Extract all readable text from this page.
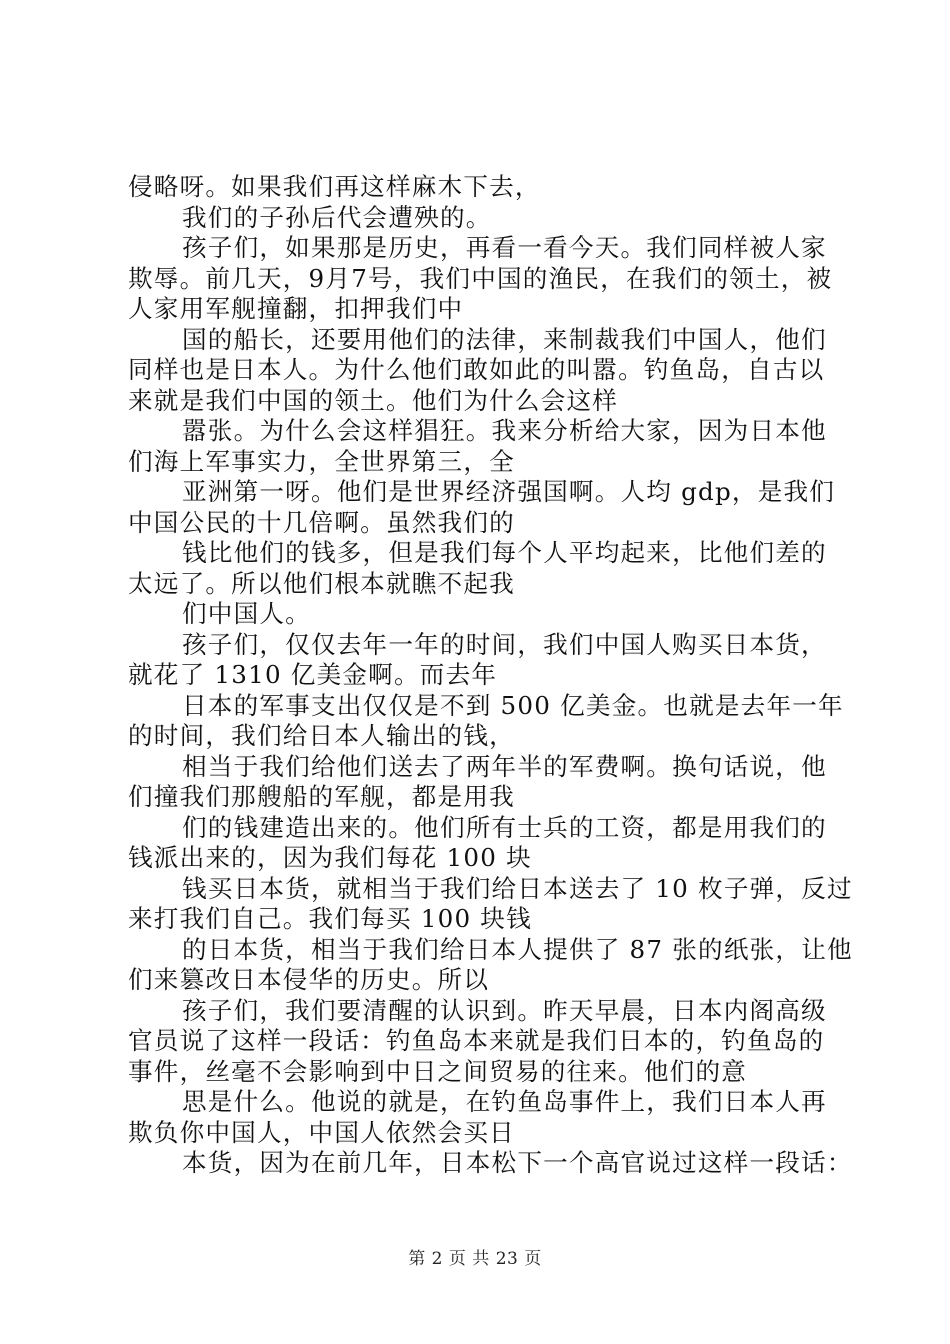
侵略呀。如果我们再这样麻木下去，
我们的子孙后代会遭殃的。
孩子们，如果那是历史，再看一看今天。我们同样被人家
欺辱。前几天，9月7号，我们中国的渔民，在我们的领土，被
人家用军舰撞翻，扣押我们中
国的船长，还要用他们的法律，来制裁我们中国人，他们
同样也是日本人。为什么他们敢如此的叫嚣。钓鱼岛，自古以
来就是我们中国的领土。他们为什么会这样
嚣张。为什么会这样猖狂。我来分析给大家，因为日本他
们海上军事实力，全世界第三，全
亚洲第一呀。他们是世界经济强国啊。人均 gdp，是我们
中国公民的十几倍啊。虽然我们的
钱比他们的钱多，但是我们每个人平均起来，比他们差的
太远了。所以他们根本就瞧不起我
们中国人。
孩子们，仅仅去年一年的时间，我们中国人购买日本货，
就花了 1310 亿美金啊。而去年
日本的军事支出仅仅是不到 500 亿美金。也就是去年一年
的时间，我们给日本人输出的钱，
相当于我们给他们送去了两年半的军费啊。换句话说，他
们撞我们那艘船的军舰，都是用我
们的钱建造出来的。他们所有士兵的工资，都是用我们的
钱派出来的，因为我们每花 100 块
钱买日本货，就相当于我们给日本送去了 10 枚子弹，反过
来打我们自己。我们每买 100 块钱
的日本货，相当于我们给日本人提供了 87 张的纸张，让他
们来篡改日本侵华的历史。所以
孩子们，我们要清醒的认识到。昨天早晨，日本内阁高级
官员说了这样一段话：钓鱼岛本来就是我们日本的，钓鱼岛的
事件，丝毫不会影响到中日之间贸易的往来。他们的意
思是什么。他说的就是，在钓鱼岛事件上，我们日本人再
欺负你中国人，中国人依然会买日
本货，因为在前几年，日本松下一个高官说过这样一段话：
第 2 页 共 23 页
